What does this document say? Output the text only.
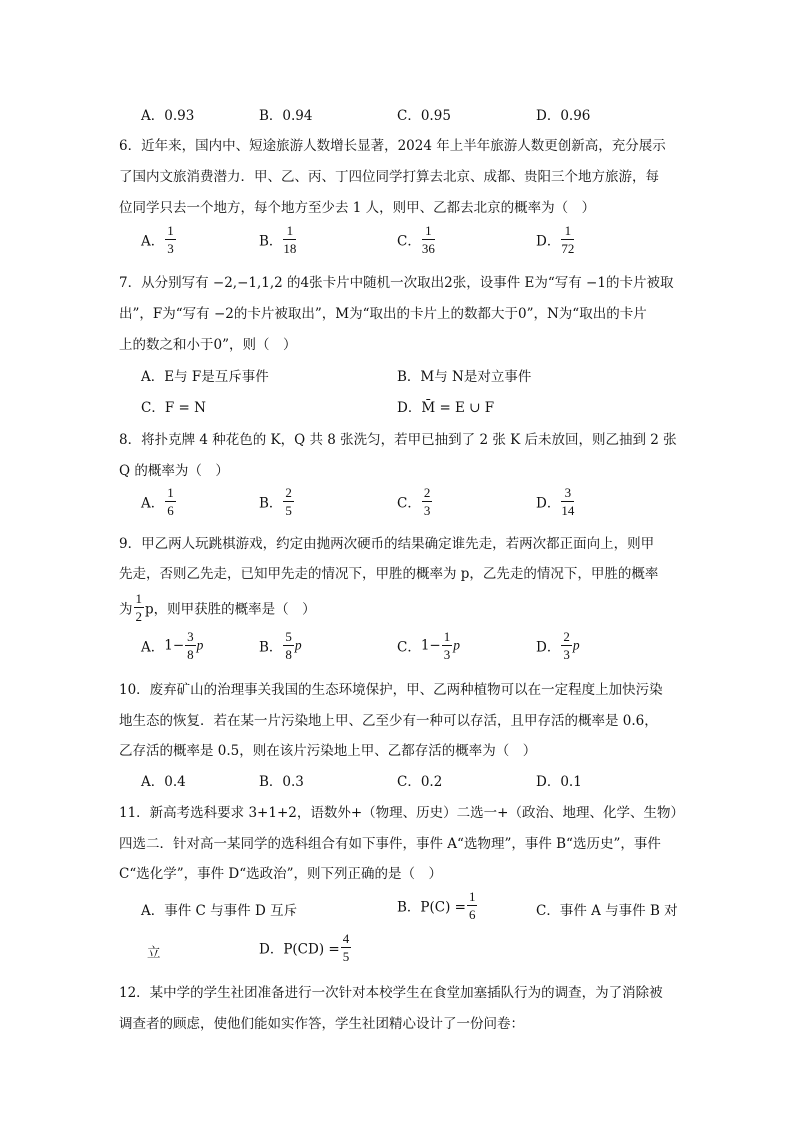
A．0.93	B．0.94	C．0.95	D．0.96
6．近年来，国内中、短途旅游人数增长显著，2024 年上半年旅游人数更创新高，充分展示
了国内文旅消费潜力．甲、乙、丙、丁四位同学打算去北京、成都、贵阳三个地方旅游，每
位同学只去一个地方，每个地方至少去 1 人，则甲、乙都去北京的概率为（　）
A． $\frac{1}{3}$	B． $\frac{1}{18}$	C． $\frac{1}{36}$	D． $\frac{1}{72}$
7．从分别写有 −2,−1,1,2 的4张卡片中随机一次取出2张，设事件 E为“写有 −1的卡片被取
出”，F为“写有 −2的卡片被取出”，M为“取出的卡片上的数都大于0”，N为“取出的卡片
上的数之和小于0”，则（　）
A．E与 F是互斥事件	B．M与 N是对立事件
C．F = N	D．M̄ = E ∪ F
8．将扑克牌 4 种花色的 K，Q 共 8 张洗匀，若甲已抽到了 2 张 K 后未放回，则乙抽到 2 张
Q 的概率为（　）
A． $\frac{1}{6}$	B． $\frac{2}{5}$	C． $\frac{2}{3}$	D． $\frac{3}{14}$
9．甲乙两人玩跳棋游戏，约定由抛两次硬币的结果确定谁先走，若两次都正面向上，则甲
先走，否则乙先走，已知甲先走的情况下，甲胜的概率为 p，乙先走的情况下，甲胜的概率
为 $\frac{1}{2}$ p，则甲获胜的概率是（　）
A．$1- \frac{3}{8}$ p	B． $\frac{5}{8}$ p	C．$1- \frac{1}{3}$ p	D． $\frac{2}{3}$ p
10．废弃矿山的治理事关我国的生态环境保护，甲、乙两种植物可以在一定程度上加快污染
地生态的恢复．若在某一片污染地上甲、乙至少有一种可以存活，且甲存活的概率是 0.6，
乙存活的概率是 0.5，则在该片污染地上甲、乙都存活的概率为（　）
A．0.4	B．0.3	C．0.2	D．0.1
11．新高考选科要求 3+1+2，语数外+（物理、历史）二选一+（政治、地理、化学、生物）
四选二．针对高一某同学的选科组合有如下事件，事件 A“选物理”，事件 B“选历史”，事件
C“选化学”，事件 D“选政治”，则下列正确的是（　）
A．事件 C 与事件 D 互斥	B．$P(C) = \frac{1}{6}$	C．事件 A 与事件 B 对
立	D．$P(CD) = \frac{4}{5}$
12．某中学的学生社团准备进行一次针对本校学生在食堂加塞插队行为的调查，为了消除被
调查者的顾虑，使他们能如实作答，学生社团精心设计了一份问卷：
